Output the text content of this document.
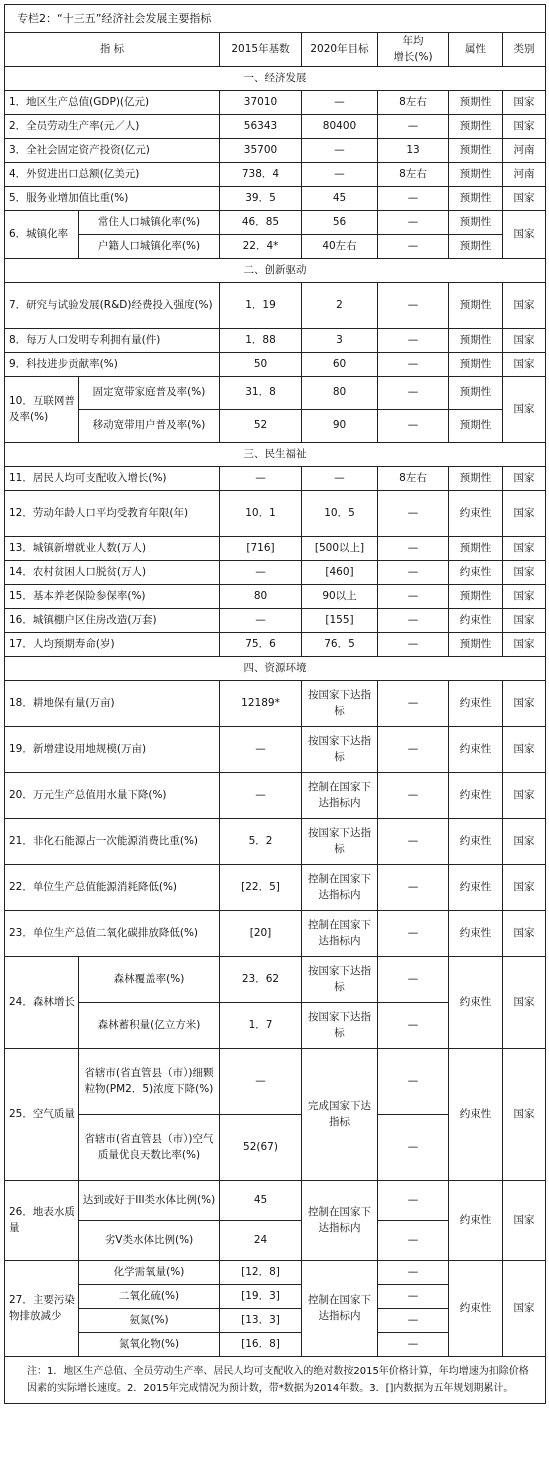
专栏2：“十三五”经济社会发展主要指标						
指 标		2015年基数	2020年目标	年均
增长(%)	属性	类别
一、经济发展						
1．地区生产总值(GDP)(亿元)		37010	—	8左右	预期性	国家
2．全员劳动生产率(元／人)		56343	80400	—	预期性	国家
3．全社会固定资产投资(亿元)		35700	—	13	预期性	河南
4．外贸进出口总额(亿美元)		738．4	—	8左右	预期性	河南
5．服务业增加值比重(%)		39．5	45	—	预期性	国家
6．城镇化率	常住人口城镇化率(%)	46．85	56	—	预期性	国家
	户籍人口城镇化率(%)	22．4*	40左右	—	预期性	
二、创新驱动						
7．研究与试验发展(R&D)经费投入强度(%)		1．19	2	—	预期性	国家
8．每万人口发明专利拥有量(件)		1．88	3	—	预期性	国家
9．科技进步贡献率(%)		50	60	—	预期性	国家
10．互联网普及率(%)	固定宽带家庭普及率(%)	31．8	80	—	预期性	国家
	移动宽带用户普及率(%)	52	90	—	预期性	
三、民生福祉						
11．居民人均可支配收入增长(%)		—	—	8左右	预期性	国家
12．劳动年龄人口平均受教育年限(年)		10．1	10．5	—	约束性	国家
13．城镇新增就业人数(万人)		[716]	[500以上]	—	预期性	国家
14．农村贫困人口脱贫(万人)		—	[460]	—	约束性	国家
15．基本养老保险参保率(%)		80	90以上	—	预期性	国家
16．城镇棚户区住房改造(万套)		—	[155]	—	约束性	国家
17．人均预期寿命(岁)		75．6	76．5	—	预期性	国家
四、资源环境						
18．耕地保有量(万亩)		12189*	按国家下达指标	—	约束性	国家
19．新增建设用地规模(万亩)		—	按国家下达指标	—	约束性	国家
20．万元生产总值用水量下降(%)		—	控制在国家下达指标内	—	约束性	国家
21．非化石能源占一次能源消费比重(%)		5．2	按国家下达指标	—	约束性	国家
22．单位生产总值能源消耗降低(%)		[22．5]	控制在国家下达指标内	—	约束性	国家
23．单位生产总值二氧化碳排放降低(%)		[20]	控制在国家下达指标内	—	约束性	国家
24．森林增长	森林覆盖率(%)	23．62	按国家下达指标	—	约束性	国家
	森林蓄积量(亿立方米)	1．7	按国家下达指标	—		
25．空气质量	省辖市(省直管县（市）)细颗粒物(PM2．5)浓度下降(%)	—	完成国家下达指标	—	约束性	国家
	省辖市(省直管县（市）)空气质量优良天数比率(%)	52(67)		—		
26．地表水质量	达到或好于III类水体比例(%)	45	控制在国家下达指标内	—	约束性	国家
	劣V类水体比例(%)	24		—		
27．主要污染物排放减少	化学需氧量(%)	[12．8]	控制在国家下达指标内	—	约束性	国家
	二氧化硫(%)	[19．3]		—		
	氨氮(%)	[13．3]		—		
	氮氧化物(%)	[16．8]		—		
注：1．地区生产总值、全员劳动生产率、居民人均可支配收入的绝对数按2015年价格计算，年均增速为扣除价格因素的实际增长速度。2．2015年完成情况为预计数，带*数据为2014年数。3．[]内数据为五年规划期累计。						
